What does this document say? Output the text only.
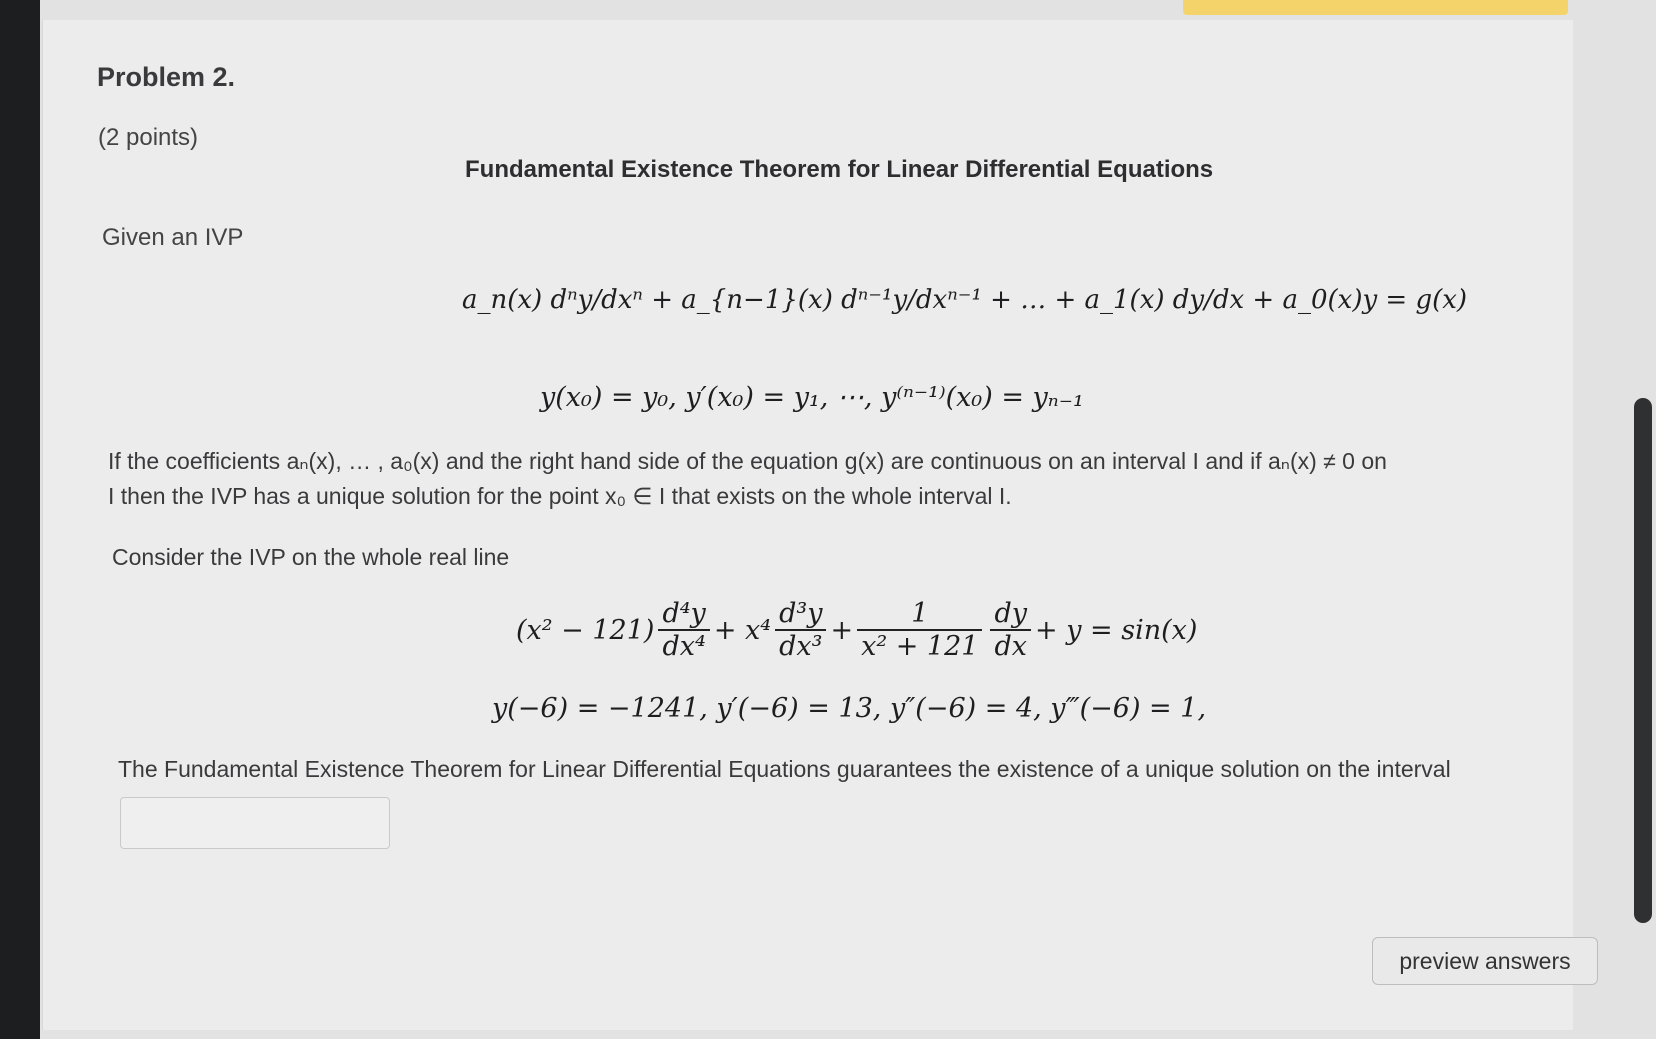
Problem 2.
(2 points)
Fundamental Existence Theorem for Linear Differential Equations
Given an IVP
a_n(x) dⁿy/dxⁿ + a_{n−1}(x) dⁿ⁻¹y/dxⁿ⁻¹ + … + a_1(x) dy/dx + a_0(x)y = g(x)
y(x₀) = y₀, y′(x₀) = y₁, ⋯, y⁽ⁿ⁻¹⁾(x₀) = yₙ₋₁
If the coefficients aₙ(x), … , a₀(x) and the right hand side of the equation g(x) are continuous on an interval I and if aₙ(x) ≠ 0 on
I then the IVP has a unique solution for the point x₀ ∈ I that exists on the whole interval I.
Consider the IVP on the whole real line
$(x^2 - 121) \frac{\text{d⁴y}}{\text{dx⁴}} + x^4 \frac{\text{d³y}}{\text{dx³}} + \frac{1}{\text{x² + 121}} \frac{dy}{dx} + y = \sin(x)$
y(−6) = −1241, y′(−6) = 13, y″(−6) = 4, y‴(−6) = 1,
The Fundamental Existence Theorem for Linear Differential Equations guarantees the existence of a unique solution on the interval
preview answers
